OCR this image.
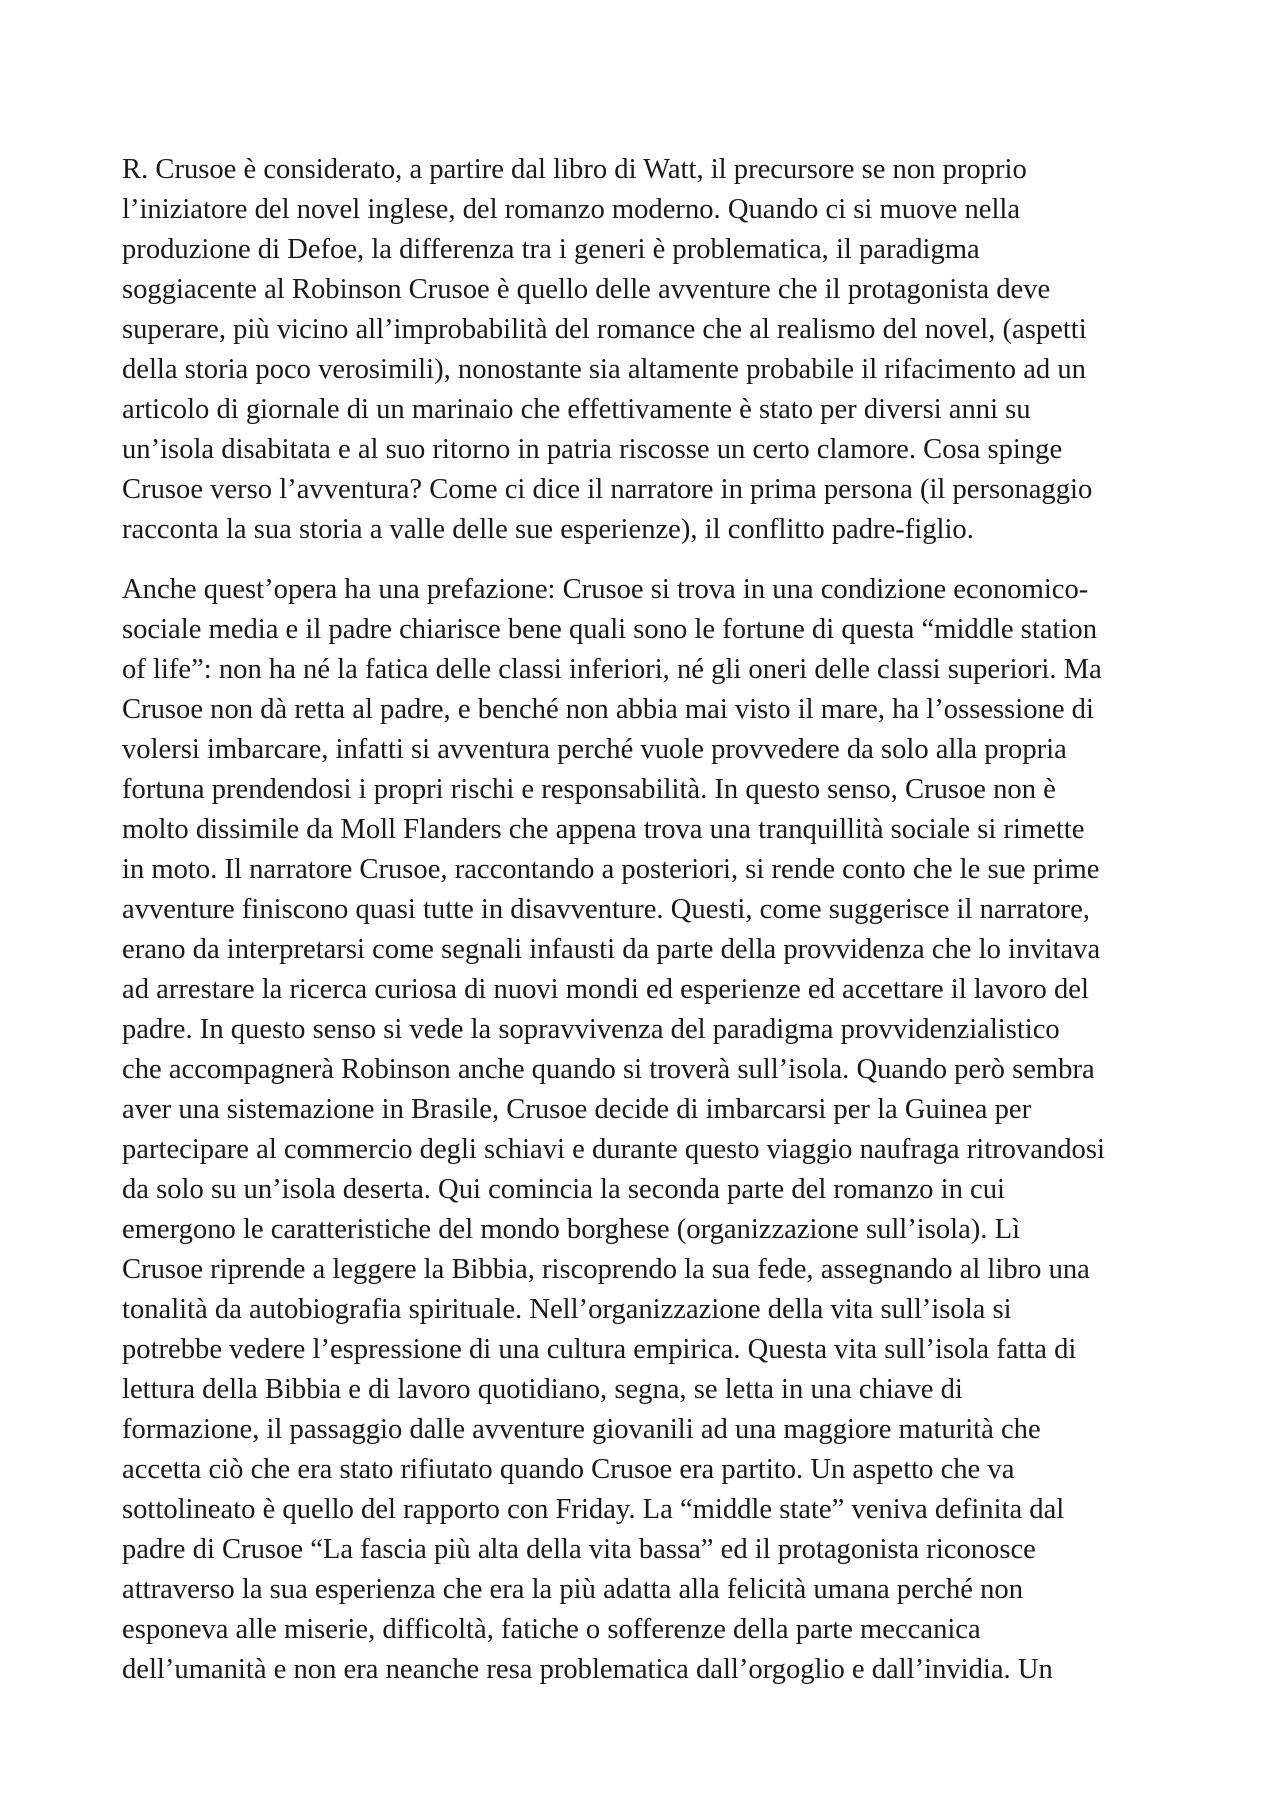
R. Crusoe è considerato, a partire dal libro di Watt, il precursore se non proprio
l’iniziatore del novel inglese, del romanzo moderno. Quando ci si muove nella
produzione di Defoe, la differenza tra i generi è problematica, il paradigma
soggiacente al Robinson Crusoe è quello delle avventure che il protagonista deve
superare, più vicino all’improbabilità del romance che al realismo del novel, (aspetti
della storia poco verosimili), nonostante sia altamente probabile il rifacimento ad un
articolo di giornale di un marinaio che effettivamente è stato per diversi anni su
un’isola disabitata e al suo ritorno in patria riscosse un certo clamore. Cosa spinge
Crusoe verso l’avventura? Come ci dice il narratore in prima persona (il personaggio
racconta la sua storia a valle delle sue esperienze), il conflitto padre-figlio.
Anche quest’opera ha una prefazione: Crusoe si trova in una condizione economico-
sociale media e il padre chiarisce bene quali sono le fortune di questa “middle station
of life”: non ha né la fatica delle classi inferiori, né gli oneri delle classi superiori. Ma
Crusoe non dà retta al padre, e benché non abbia mai visto il mare, ha l’ossessione di
volersi imbarcare, infatti si avventura perché vuole provvedere da solo alla propria
fortuna prendendosi i propri rischi e responsabilità. In questo senso, Crusoe non è
molto dissimile da Moll Flanders che appena trova una tranquillità sociale si rimette
in moto. Il narratore Crusoe, raccontando a posteriori, si rende conto che le sue prime
avventure finiscono quasi tutte in disavventure. Questi, come suggerisce il narratore,
erano da interpretarsi come segnali infausti da parte della provvidenza che lo invitava
ad arrestare la ricerca curiosa di nuovi mondi ed esperienze ed accettare il lavoro del
padre. In questo senso si vede la sopravvivenza del paradigma provvidenzialistico
che accompagnerà Robinson anche quando si troverà sull’isola. Quando però sembra
aver una sistemazione in Brasile, Crusoe decide di imbarcarsi per la Guinea per
partecipare al commercio degli schiavi e durante questo viaggio naufraga ritrovandosi
da solo su un’isola deserta. Qui comincia la seconda parte del romanzo in cui
emergono le caratteristiche del mondo borghese (organizzazione sull’isola). Lì
Crusoe riprende a leggere la Bibbia, riscoprendo la sua fede, assegnando al libro una
tonalità da autobiografia spirituale. Nell’organizzazione della vita sull’isola si
potrebbe vedere l’espressione di una cultura empirica. Questa vita sull’isola fatta di
lettura della Bibbia e di lavoro quotidiano, segna, se letta in una chiave di
formazione, il passaggio dalle avventure giovanili ad una maggiore maturità che
accetta ciò che era stato rifiutato quando Crusoe era partito. Un aspetto che va
sottolineato è quello del rapporto con Friday. La “middle state” veniva definita dal
padre di Crusoe “La fascia più alta della vita bassa” ed il protagonista riconosce
attraverso la sua esperienza che era la più adatta alla felicità umana perché non
esponeva alle miserie, difficoltà, fatiche o sofferenze della parte meccanica
dell’umanità e non era neanche resa problematica dall’orgoglio e dall’invidia. Un
